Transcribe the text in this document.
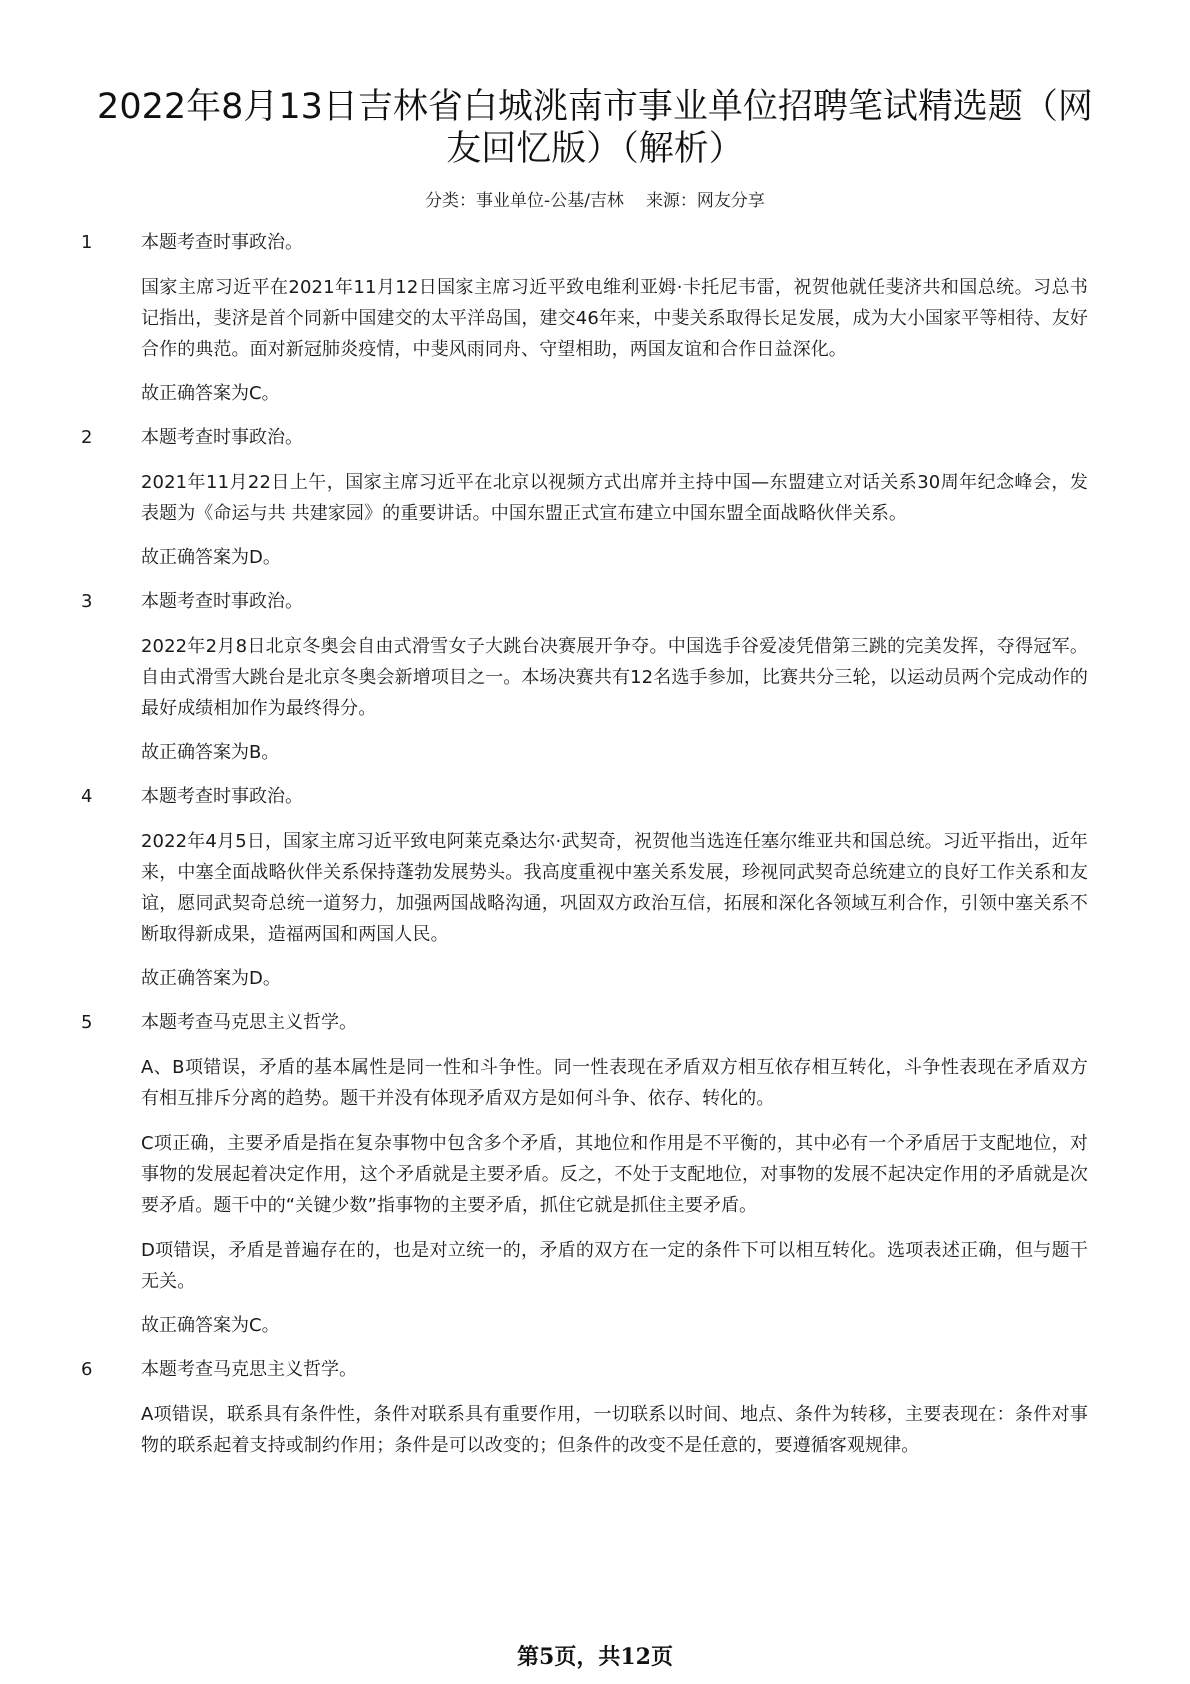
2022年8月13日吉林省白城洮南市事业单位招聘笔试精选题（网友回忆版）（解析）
分类：事业单位-公基/吉林 来源：网友分享
1	本题考查时事政治。

国家主席习近平在2021年11月12日国家主席习近平致电维利亚姆·卡托尼韦雷，祝贺他就任斐济共和国总统。习总书记指出，斐济是首个同新中国建交的太平洋岛国，建交46年来，中斐关系取得长足发展，成为大小国家平等相待、友好合作的典范。面对新冠肺炎疫情，中斐风雨同舟、守望相助，两国友谊和合作日益深化。

故正确答案为C。
2	本题考查时事政治。

2021年11月22日上午，国家主席习近平在北京以视频方式出席并主持中国—东盟建立对话关系30周年纪念峰会，发表题为《命运与共 共建家园》的重要讲话。中国东盟正式宣布建立中国东盟全面战略伙伴关系。

故正确答案为D。
3	本题考查时事政治。

2022年2月8日北京冬奥会自由式滑雪女子大跳台决赛展开争夺。中国选手谷爱凌凭借第三跳的完美发挥，夺得冠军。自由式滑雪大跳台是北京冬奥会新增项目之一。本场决赛共有12名选手参加，比赛共分三轮，以运动员两个完成动作的最好成绩相加作为最终得分。

故正确答案为B。
4	本题考查时事政治。

2022年4月5日，国家主席习近平致电阿莱克桑达尔·武契奇，祝贺他当选连任塞尔维亚共和国总统。习近平指出，近年来，中塞全面战略伙伴关系保持蓬勃发展势头。我高度重视中塞关系发展，珍视同武契奇总统建立的良好工作关系和友谊，愿同武契奇总统一道努力，加强两国战略沟通，巩固双方政治互信，拓展和深化各领域互利合作，引领中塞关系不断取得新成果，造福两国和两国人民。

故正确答案为D。
5	本题考查马克思主义哲学。

A、B项错误，矛盾的基本属性是同一性和斗争性。同一性表现在矛盾双方相互依存相互转化，斗争性表现在矛盾双方有相互排斥分离的趋势。题干并没有体现矛盾双方是如何斗争、依存、转化的。

C项正确，主要矛盾是指在复杂事物中包含多个矛盾，其地位和作用是不平衡的，其中必有一个矛盾居于支配地位，对事物的发展起着决定作用，这个矛盾就是主要矛盾。反之，不处于支配地位，对事物的发展不起决定作用的矛盾就是次要矛盾。题干中的“关键少数”指事物的主要矛盾，抓住它就是抓住主要矛盾。

D项错误，矛盾是普遍存在的，也是对立统一的，矛盾的双方在一定的条件下可以相互转化。选项表述正确，但与题干无关。

故正确答案为C。
6	本题考查马克思主义哲学。

A项错误，联系具有条件性，条件对联系具有重要作用，一切联系以时间、地点、条件为转移，主要表现在：条件对事物的联系起着支持或制约作用；条件是可以改变的；但条件的改变不是任意的，要遵循客观规律。

第5页，共12页
